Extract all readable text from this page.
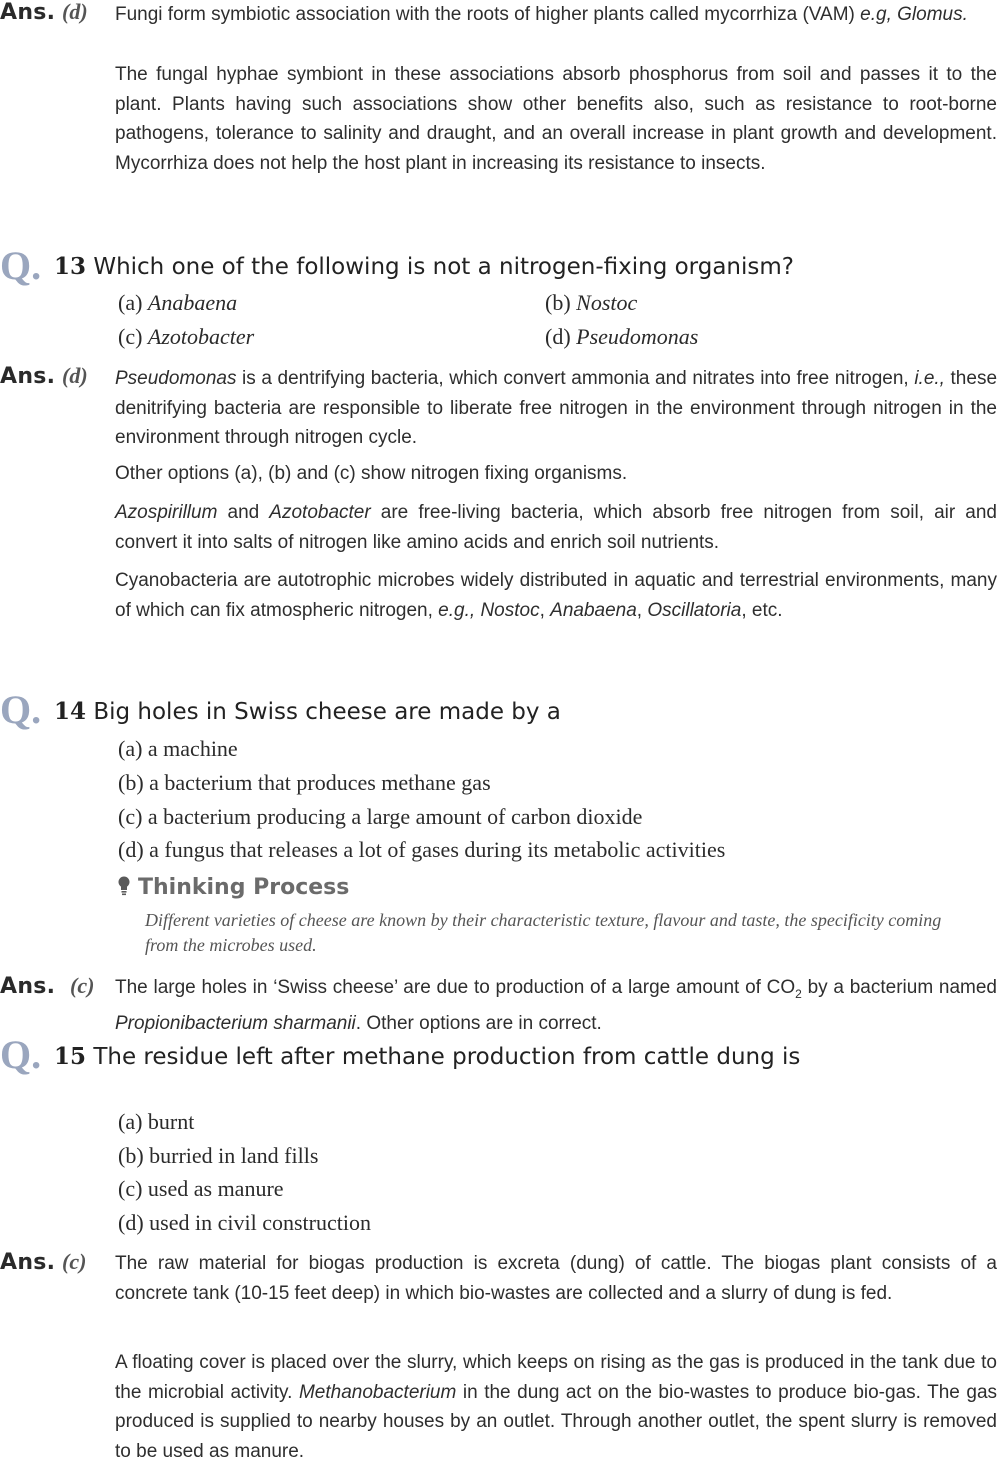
Ans. (d) Fungi form symbiotic association with the roots of higher plants called mycorrhiza (VAM) e.g, Glomus.

The fungal hyphae symbiont in these associations absorb phosphorus from soil and passes it to the plant. Plants having such associations show other benefits also, such as resistance to root-borne pathogens, tolerance to salinity and draught, and an overall increase in plant growth and development. Mycorrhiza does not help the host plant in increasing its resistance to insects.

Q. 13 Which one of the following is not a nitrogen-fixing organism?
(a) Anabaena	(b) Nostoc
(c) Azotobacter	(d) Pseudomonas
Ans. (d) Pseudomonas is a dentrifying bacteria, which convert ammonia and nitrates into free nitrogen, i.e., these denitrifying bacteria are responsible to liberate free nitrogen in the environment through nitrogen in the environment through nitrogen cycle.

Other options (a), (b) and (c) show nitrogen fixing organisms.

Azospirillum and Azotobacter are free-living bacteria, which absorb free nitrogen from soil, air and convert it into salts of nitrogen like amino acids and enrich soil nutrients.

Cyanobacteria are autotrophic microbes widely distributed in aquatic and terrestrial environments, many of which can fix atmospheric nitrogen, e.g., Nostoc, Anabaena, Oscillatoria, etc.

Q. 14 Big holes in Swiss cheese are made by a
(a) a machine
(b) a bacterium that produces methane gas
(c) a bacterium producing a large amount of carbon dioxide
(d) a fungus that releases a lot of gases during its metabolic activities
Thinking Process

Different varieties of cheese are known by their characteristic texture, flavour and taste, the specificity coming from the microbes used.

Ans. (c) The large holes in ‘Swiss cheese’ are due to production of a large amount of $CO_2$ by a bacterium named Propionibacterium sharmanii. Other options are in correct.

Q. 15 The residue left after methane production from cattle dung is
(a) burnt
(b) burried in land fills
(c) used as manure
(d) used in civil construction
Ans. (c) The raw material for biogas production is excreta (dung) of cattle. The biogas plant consists of a concrete tank (10-15 feet deep) in which bio-wastes are collected and a slurry of dung is fed.

A floating cover is placed over the slurry, which keeps on rising as the gas is produced in the tank due to the microbial activity. Methanobacterium in the dung act on the bio-wastes to produce bio-gas. The gas produced is supplied to nearby houses by an outlet. Through another outlet, the spent slurry is removed to be used as manure.
